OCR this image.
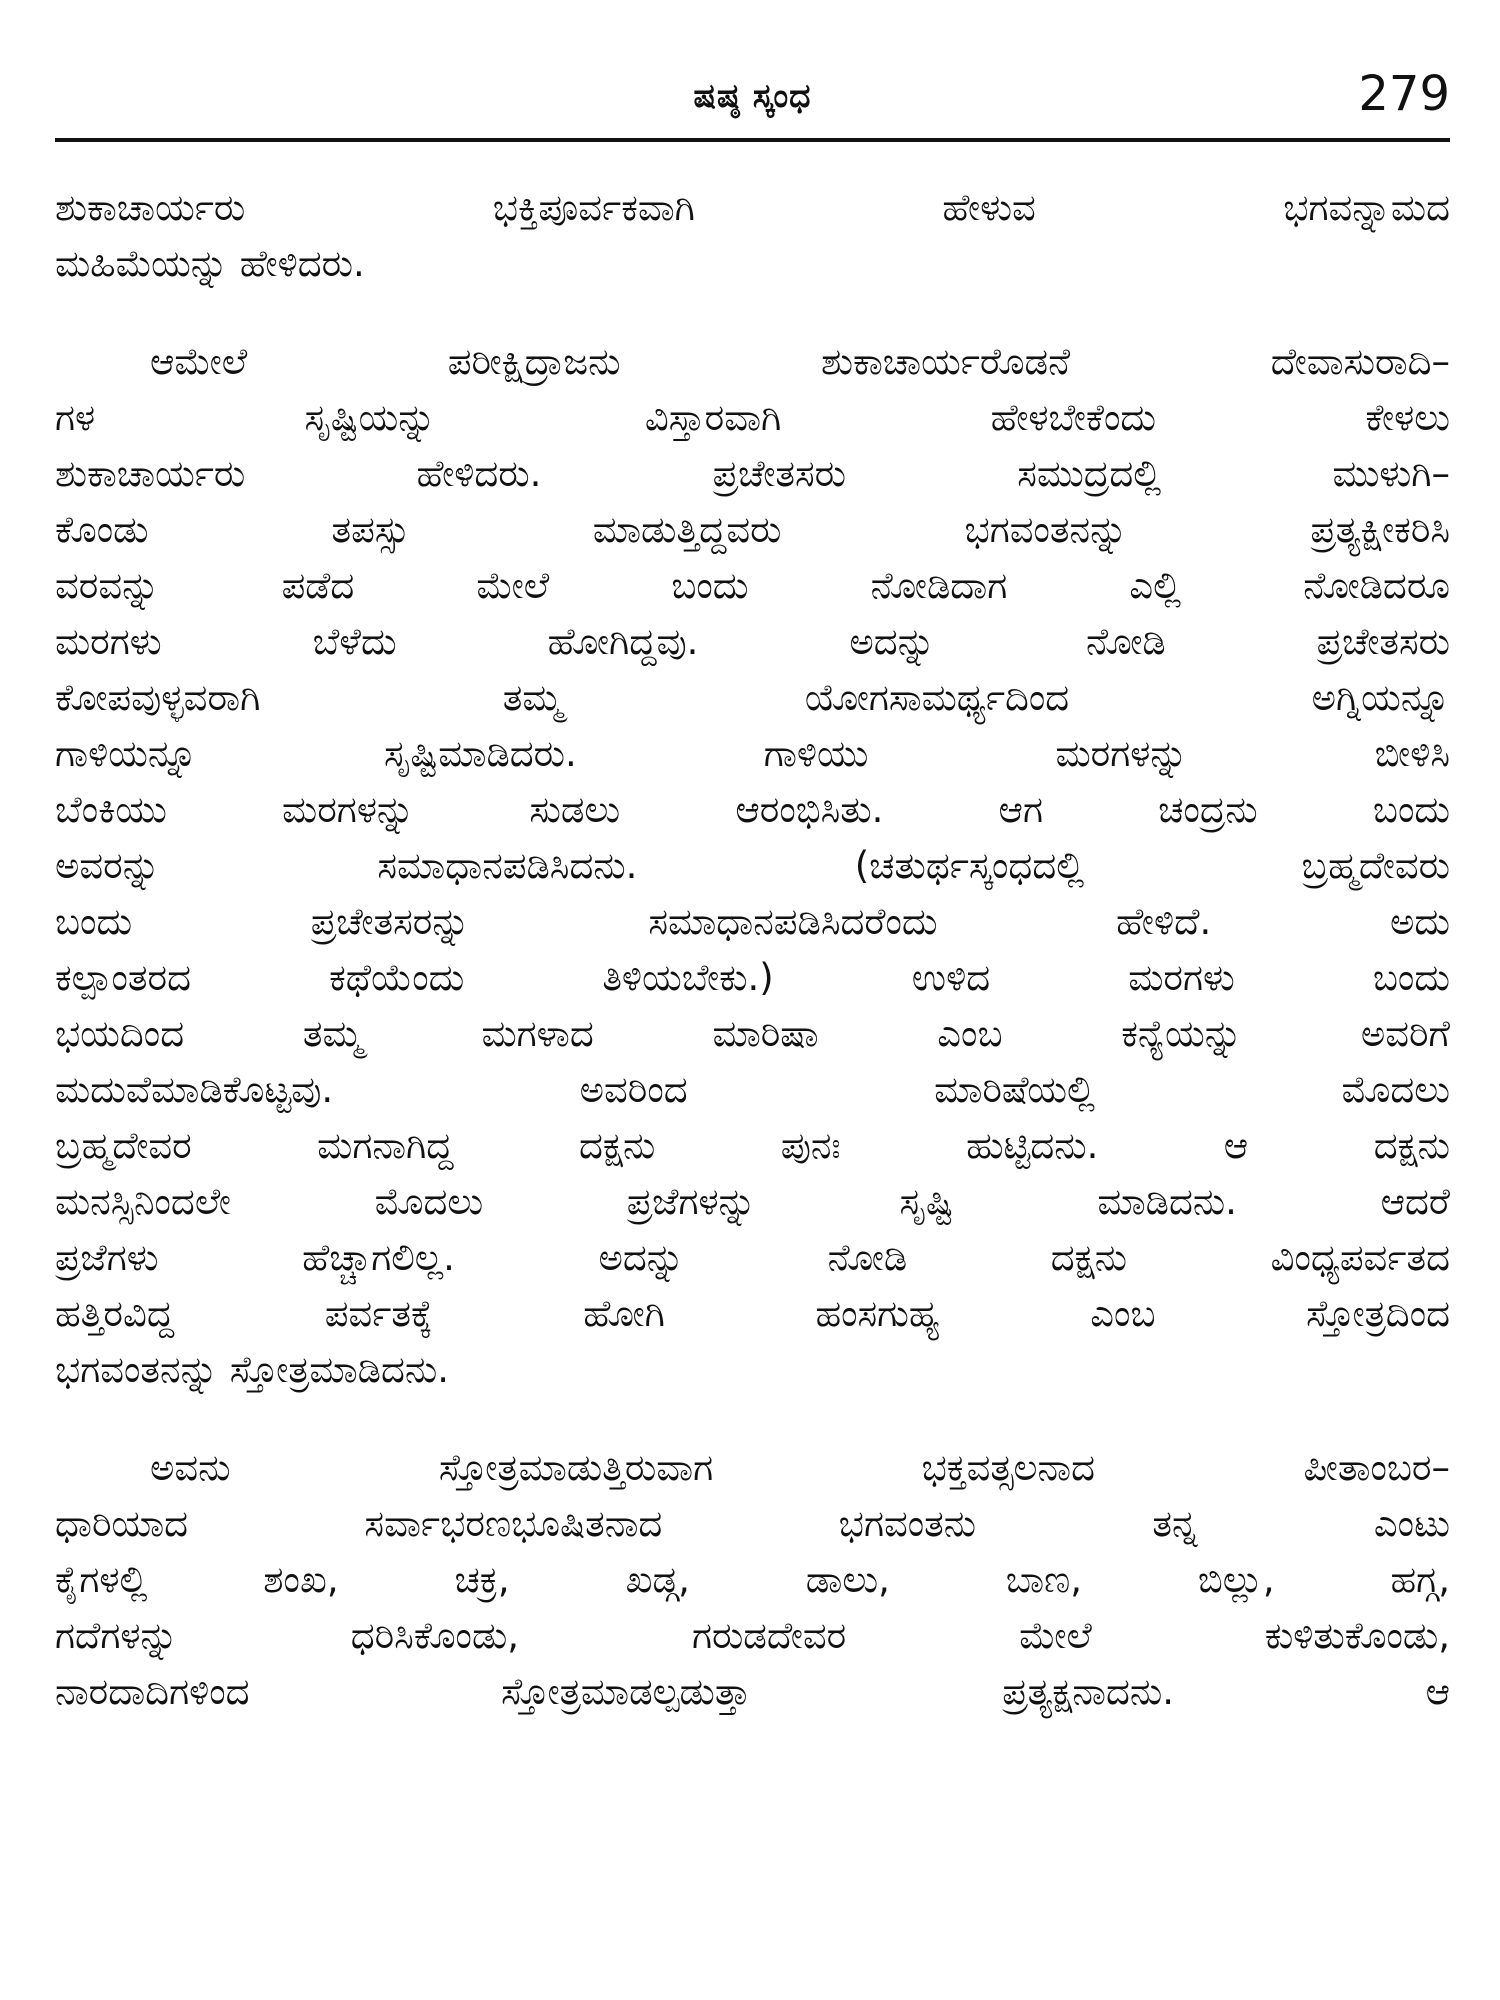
ಷಷ್ಠ ಸ್ಕಂಧ	279
ಶುಕಾಚಾರ್ಯರು ಭಕ್ತಿಪೂರ್ವಕವಾಗಿ ಹೇಳುವ ಭಗವನ್ನಾಮದ
ಮಹಿಮೆಯನ್ನು ಹೇಳಿದರು.
ಆಮೇಲೆ ಪರೀಕ್ಷಿದ್ರಾಜನು ಶುಕಾಚಾರ್ಯರೊಡನೆ ದೇವಾಸುರಾದಿ–
ಗಳ ಸೃಷ್ಟಿಯನ್ನು ವಿಸ್ತಾರವಾಗಿ ಹೇಳಬೇಕೆಂದು ಕೇಳಲು
ಶುಕಾಚಾರ್ಯರು ಹೇಳಿದರು. ಪ್ರಚೇತಸರು ಸಮುದ್ರದಲ್ಲಿ ಮುಳುಗಿ–
ಕೊಂಡು ತಪಸ್ಸು ಮಾಡುತ್ತಿದ್ದವರು ಭಗವಂತನನ್ನು ಪ್ರತ್ಯಕ್ಷೀಕರಿಸಿ
ವರವನ್ನು ಪಡೆದ ಮೇಲೆ ಬಂದು ನೋಡಿದಾಗ ಎಲ್ಲಿ ನೋಡಿದರೂ
ಮರಗಳು ಬೆಳೆದು ಹೋಗಿದ್ದವು. ಅದನ್ನು ನೋಡಿ ಪ್ರಚೇತಸರು
ಕೋಪವುಳ್ಳವರಾಗಿ ತಮ್ಮ ಯೋಗಸಾಮರ್ಥ್ಯದಿಂದ ಅಗ್ನಿಯನ್ನೂ
ಗಾಳಿಯನ್ನೂ ಸೃಷ್ಟಿಮಾಡಿದರು. ಗಾಳಿಯು ಮರಗಳನ್ನು ಬೀಳಿಸಿ
ಬೆಂಕಿಯು ಮರಗಳನ್ನು ಸುಡಲು ಆರಂಭಿಸಿತು. ಆಗ ಚಂದ್ರನು ಬಂದು
ಅವರನ್ನು ಸಮಾಧಾನಪಡಿಸಿದನು. (ಚತುರ್ಥಸ್ಕಂಧದಲ್ಲಿ ಬ್ರಹ್ಮದೇವರು
ಬಂದು ಪ್ರಚೇತಸರನ್ನು ಸಮಾಧಾನಪಡಿಸಿದರೆಂದು ಹೇಳಿದೆ. ಅದು
ಕಲ್ಪಾಂತರದ ಕಥೆಯೆಂದು ತಿಳಿಯಬೇಕು.) ಉಳಿದ ಮರಗಳು ಬಂದು
ಭಯದಿಂದ ತಮ್ಮ ಮಗಳಾದ ಮಾರಿಷಾ ಎಂಬ ಕನ್ಯೆಯನ್ನು ಅವರಿಗೆ
ಮದುವೆಮಾಡಿಕೊಟ್ಟವು. ಅವರಿಂದ ಮಾರಿಷೆಯಲ್ಲಿ ಮೊದಲು
ಬ್ರಹ್ಮದೇವರ ಮಗನಾಗಿದ್ದ ದಕ್ಷನು ಪುನಃ ಹುಟ್ಟಿದನು. ಆ ದಕ್ಷನು
ಮನಸ್ಸಿನಿಂದಲೇ ಮೊದಲು ಪ್ರಜೆಗಳನ್ನು ಸೃಷ್ಟಿ ಮಾಡಿದನು. ಆದರೆ
ಪ್ರಜೆಗಳು ಹೆಚ್ಚಾಗಲಿಲ್ಲ. ಅದನ್ನು ನೋಡಿ ದಕ್ಷನು ವಿಂಧ್ಯಪರ್ವತದ
ಹತ್ತಿರವಿದ್ದ ಪರ್ವತಕ್ಕೆ ಹೋಗಿ ಹಂಸಗುಹ್ಯ ಎಂಬ ಸ್ತೋತ್ರದಿಂದ
ಭಗವಂತನನ್ನು ಸ್ತೋತ್ರಮಾಡಿದನು.
ಅವನು ಸ್ತೋತ್ರಮಾಡುತ್ತಿರುವಾಗ ಭಕ್ತವತ್ಸಲನಾದ ಪೀತಾಂಬರ–
ಧಾರಿಯಾದ ಸರ್ವಾಭರಣಭೂಷಿತನಾದ ಭಗವಂತನು ತನ್ನ ಎಂಟು
ಕೈಗಳಲ್ಲಿ ಶಂಖ, ಚಕ್ರ, ಖಡ್ಗ, ಡಾಲು, ಬಾಣ, ಬಿಲ್ಲು, ಹಗ್ಗ,
ಗದೆಗಳನ್ನು ಧರಿಸಿಕೊಂಡು, ಗರುಡದೇವರ ಮೇಲೆ ಕುಳಿತುಕೊಂಡು,
ನಾರದಾದಿಗಳಿಂದ ಸ್ತೋತ್ರಮಾಡಲ್ಪಡುತ್ತಾ ಪ್ರತ್ಯಕ್ಷನಾದನು. ಆ
